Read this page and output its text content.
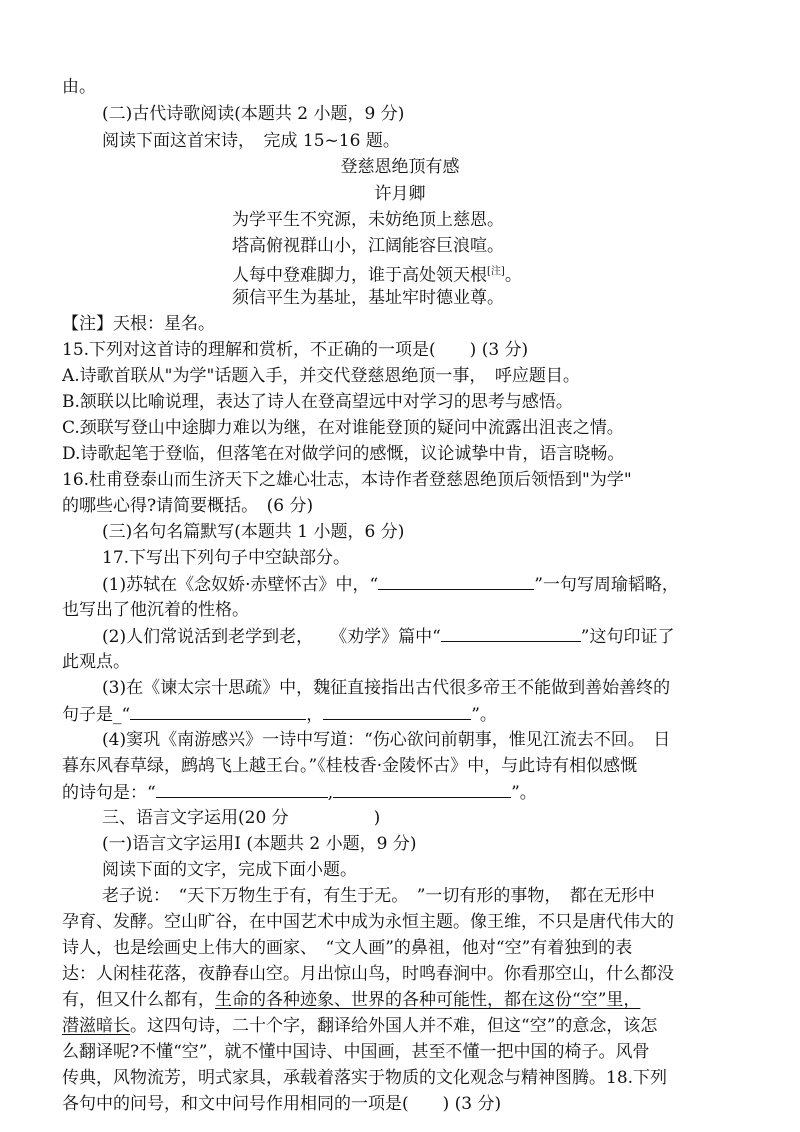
由。
(二)古代诗歌阅读(本题共 2 小题，9 分)
阅读下面这首宋诗，　完成 15~16 题。
登慈恩绝顶有感
许月卿
为学平生不究源，未妨绝顶上慈恩。
塔高俯视群山小，江阔能容巨浪喧。
人每中登难脚力，谁于高处领天根[注]。
须信平生为基址，基址牢时德业尊。
【注】天根：星名。
15.下列对这首诗的理解和赏析，不正确的一项是(　　) (3 分)
A.诗歌首联从"为学"话题入手，并交代登慈恩绝顶一事，　呼应题目。
B.颔联以比喻说理，表达了诗人在登高望远中对学习的思考与感悟。
C.颈联写登山中途脚力难以为继，在对谁能登顶的疑问中流露出沮丧之情。
D.诗歌起笔于登临，但落笔在对做学问的感慨，议论诚挚中肯，语言晓畅。
16.杜甫登泰山而生济天下之雄心壮志，本诗作者登慈恩绝顶后领悟到"为学"
的哪些心得?请简要概括。　(6 分)
(三)名句名篇默写(本题共 1 小题，6 分)
17.下写出下列句子中空缺部分。
(1)苏轼在《念奴娇·赤壁怀古》中，“	”一句写周瑜韬略，
也写出了他沉着的性格。
(2)人们常说活到老学到老，　　《劝学》篇中“	”这句印证了
此观点。
(3)在《谏太宗十思疏》中，魏征直接指出古代很多帝王不能做到善始善终的
句子是_“	，	”。
(4)窦巩《南游感兴》一诗中写道：“伤心欲问前朝事，惟见江流去不回。　日
暮东风春草绿，鹧鸪飞上越王台。”《桂枝香·金陵怀古》中，与此诗有相似感慨
的诗句是：“	,	”。
三、语言文字运用(20 分　　　　　)
(一)语言文字运用Ⅰ (本题共 2 小题，9 分)
阅读下面的文字，完成下面小题。
老子说：　“天下万物生于有，有生于无。　”一切有形的事物，　都在无形中
孕育、发酵。空山旷谷，在中国艺术中成为永恒主题。像王维，不只是唐代伟大的
诗人，也是绘画史上伟大的画家、　“文人画”的鼻祖，他对“空”有着独到的表
达：人闲桂花落，夜静春山空。月出惊山鸟，时鸣春涧中。你看那空山，什么都没
有，但又什么都有，生命的各种迹象、世界的各种可能性，都在这份“空”里，
潜滋暗长。这四句诗，二十个字，翻译给外国人并不难，但这“空”的意念，该怎
么翻译呢?不懂“空”，就不懂中国诗、中国画，甚至不懂一把中国的椅子。风骨
传典，风物流芳，明式家具，承载着落实于物质的文化观念与精神图腾。18.下列
各句中的问号，和文中问号作用相同的一项是(　　) (3 分)
